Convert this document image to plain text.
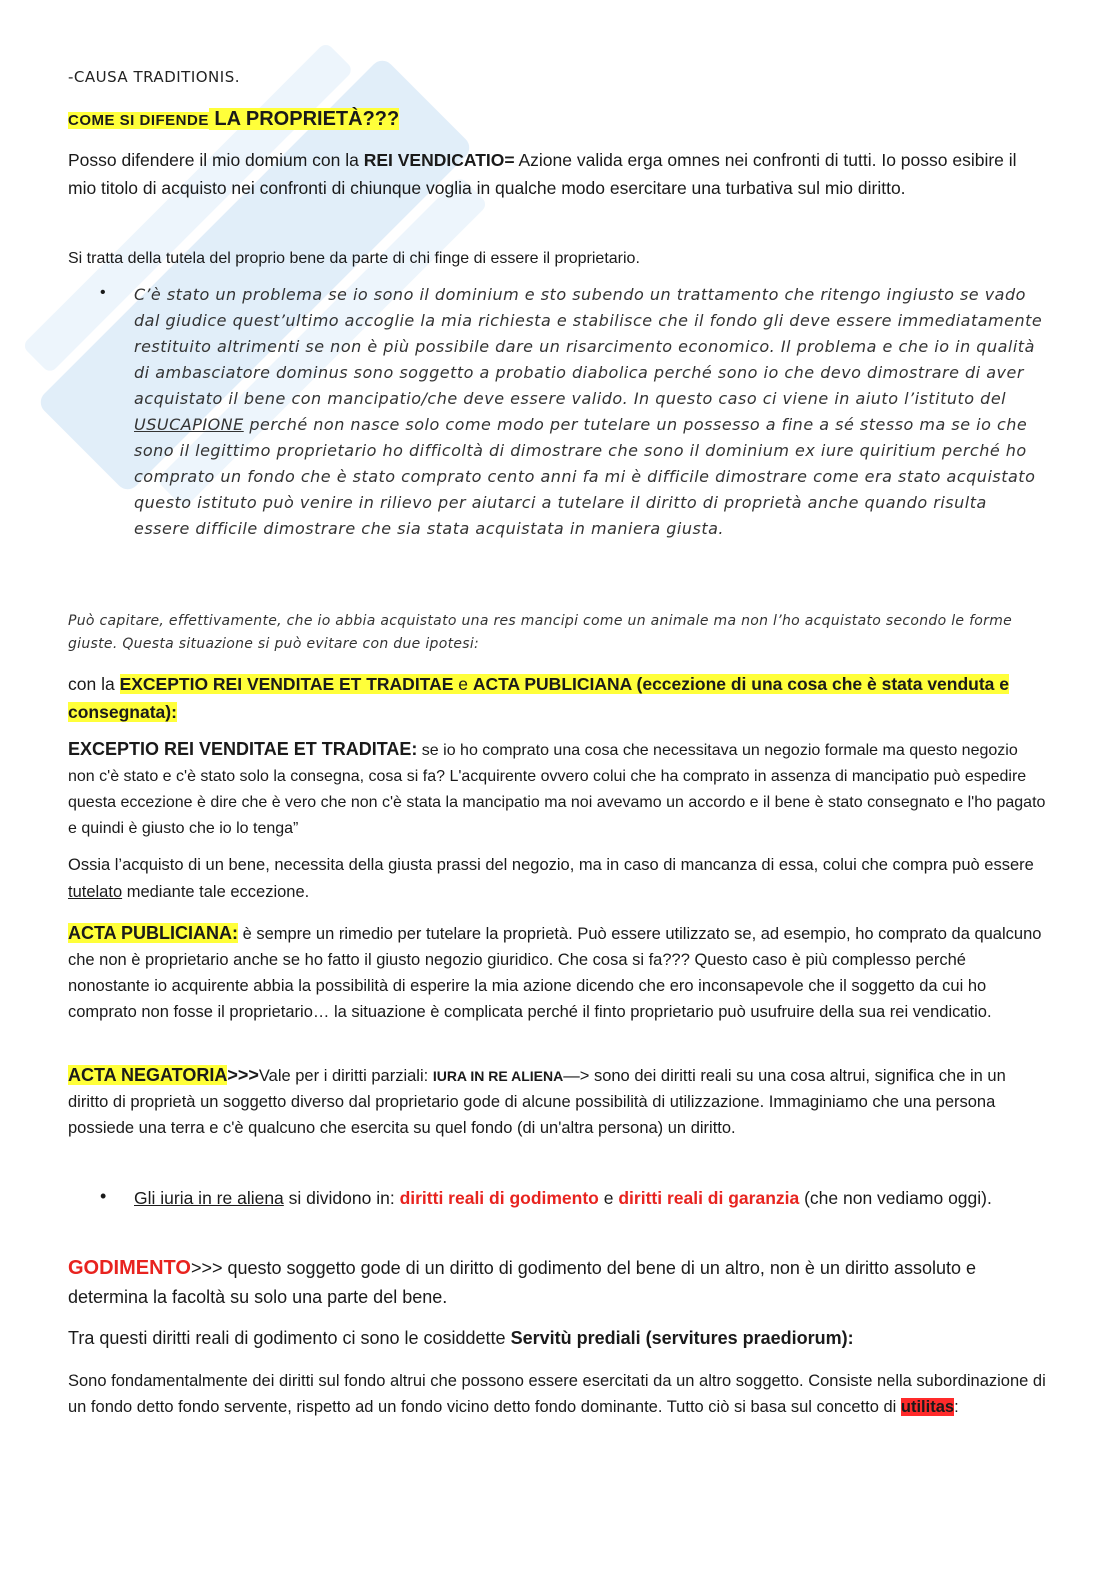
-CAUSA TRADITIONIS.

COME SI DIFENDE LA PROPRIETÀ???

Posso difendere il mio domium con la REI VENDICATIO= Azione valida erga omnes nei confronti di tutti. Io posso esibire il mio titolo di acquisto nei confronti di chiunque voglia in qualche modo esercitare una turbativa sul mio diritto.

Si tratta della tutela del proprio bene da parte di chi finge di essere il proprietario.

• C’è stato un problema se io sono il dominium e sto subendo un trattamento che ritengo ingiusto se vado dal giudice quest’ultimo accoglie la mia richiesta e stabilisce che il fondo gli deve essere immediatamente restituito altrimenti se non è più possibile dare un risarcimento economico. Il problema e che io in qualità di ambasciatore dominus sono soggetto a probatio diabolica perché sono io che devo dimostrare di aver acquistato il bene con mancipatio/che deve essere valido. In questo caso ci viene in aiuto l’istituto del USUCAPIONE perché non nasce solo come modo per tutelare un possesso a fine a sé stesso ma se io che sono il legittimo proprietario ho difficoltà di dimostrare che sono il dominium ex iure quiritium perché ho comprato un fondo che è stato comprato cento anni fa mi è difficile dimostrare come era stato acquistato questo istituto può venire in rilievo per aiutarci a tutelare il diritto di proprietà anche quando risulta essere difficile dimostrare che sia stata acquistata in maniera giusta.

Può capitare, effettivamente, che io abbia acquistato una res mancipi come un animale ma non l’ho acquistato secondo le forme giuste. Questa situazione si può evitare con due ipotesi:

con la EXCEPTIO REI VENDITAE ET TRADITAE e ACTA PUBLICIANA (eccezione di una cosa che è stata venduta e consegnata):

EXCEPTIO REI VENDITAE ET TRADITAE: se io ho comprato una cosa che necessitava un negozio formale ma questo negozio non c'è stato e c'è stato solo la consegna, cosa si fa? L'acquirente ovvero colui che ha comprato in assenza di mancipatio può espedire questa eccezione è dire che è vero che non c'è stata la mancipatio ma noi avevamo un accordo e il bene è stato consegnato e l'ho pagato e quindi è giusto che io lo tenga”

Ossia l’acquisto di un bene, necessita della giusta prassi del negozio, ma in caso di mancanza di essa, colui che compra può essere tutelato mediante tale eccezione.

ACTA PUBLICIANA: è sempre un rimedio per tutelare la proprietà. Può essere utilizzato se, ad esempio, ho comprato da qualcuno che non è proprietario anche se ho fatto il giusto negozio giuridico. Che cosa si fa??? Questo caso è più complesso perché nonostante io acquirente abbia la possibilità di esperire la mia azione dicendo che ero inconsapevole che il soggetto da cui ho comprato non fosse il proprietario… la situazione è complicata perché il finto proprietario può usufruire della sua rei vendicatio.

ACTA NEGATORIA>>>Vale per i diritti parziali: IURA IN RE ALIENA—> sono dei diritti reali su una cosa altrui, significa che in un diritto di proprietà un soggetto diverso dal proprietario gode di alcune possibilità di utilizzazione. Immaginiamo che una persona possiede una terra e c'è qualcuno che esercita su quel fondo (di un'altra persona) un diritto.

• Gli iuria in re aliena si dividono in: diritti reali di godimento e diritti reali di garanzia (che non vediamo oggi).

GODIMENTO>>> questo soggetto gode di un diritto di godimento del bene di un altro, non è un diritto assoluto e determina la facoltà su solo una parte del bene.

Tra questi diritti reali di godimento ci sono le cosiddette Servitù prediali (servitures praediorum):

Sono fondamentalmente dei diritti sul fondo altrui che possono essere esercitati da un altro soggetto. Consiste nella subordinazione di un fondo detto fondo servente, rispetto ad un fondo vicino detto fondo dominante. Tutto ciò si basa sul concetto di utilitas:
